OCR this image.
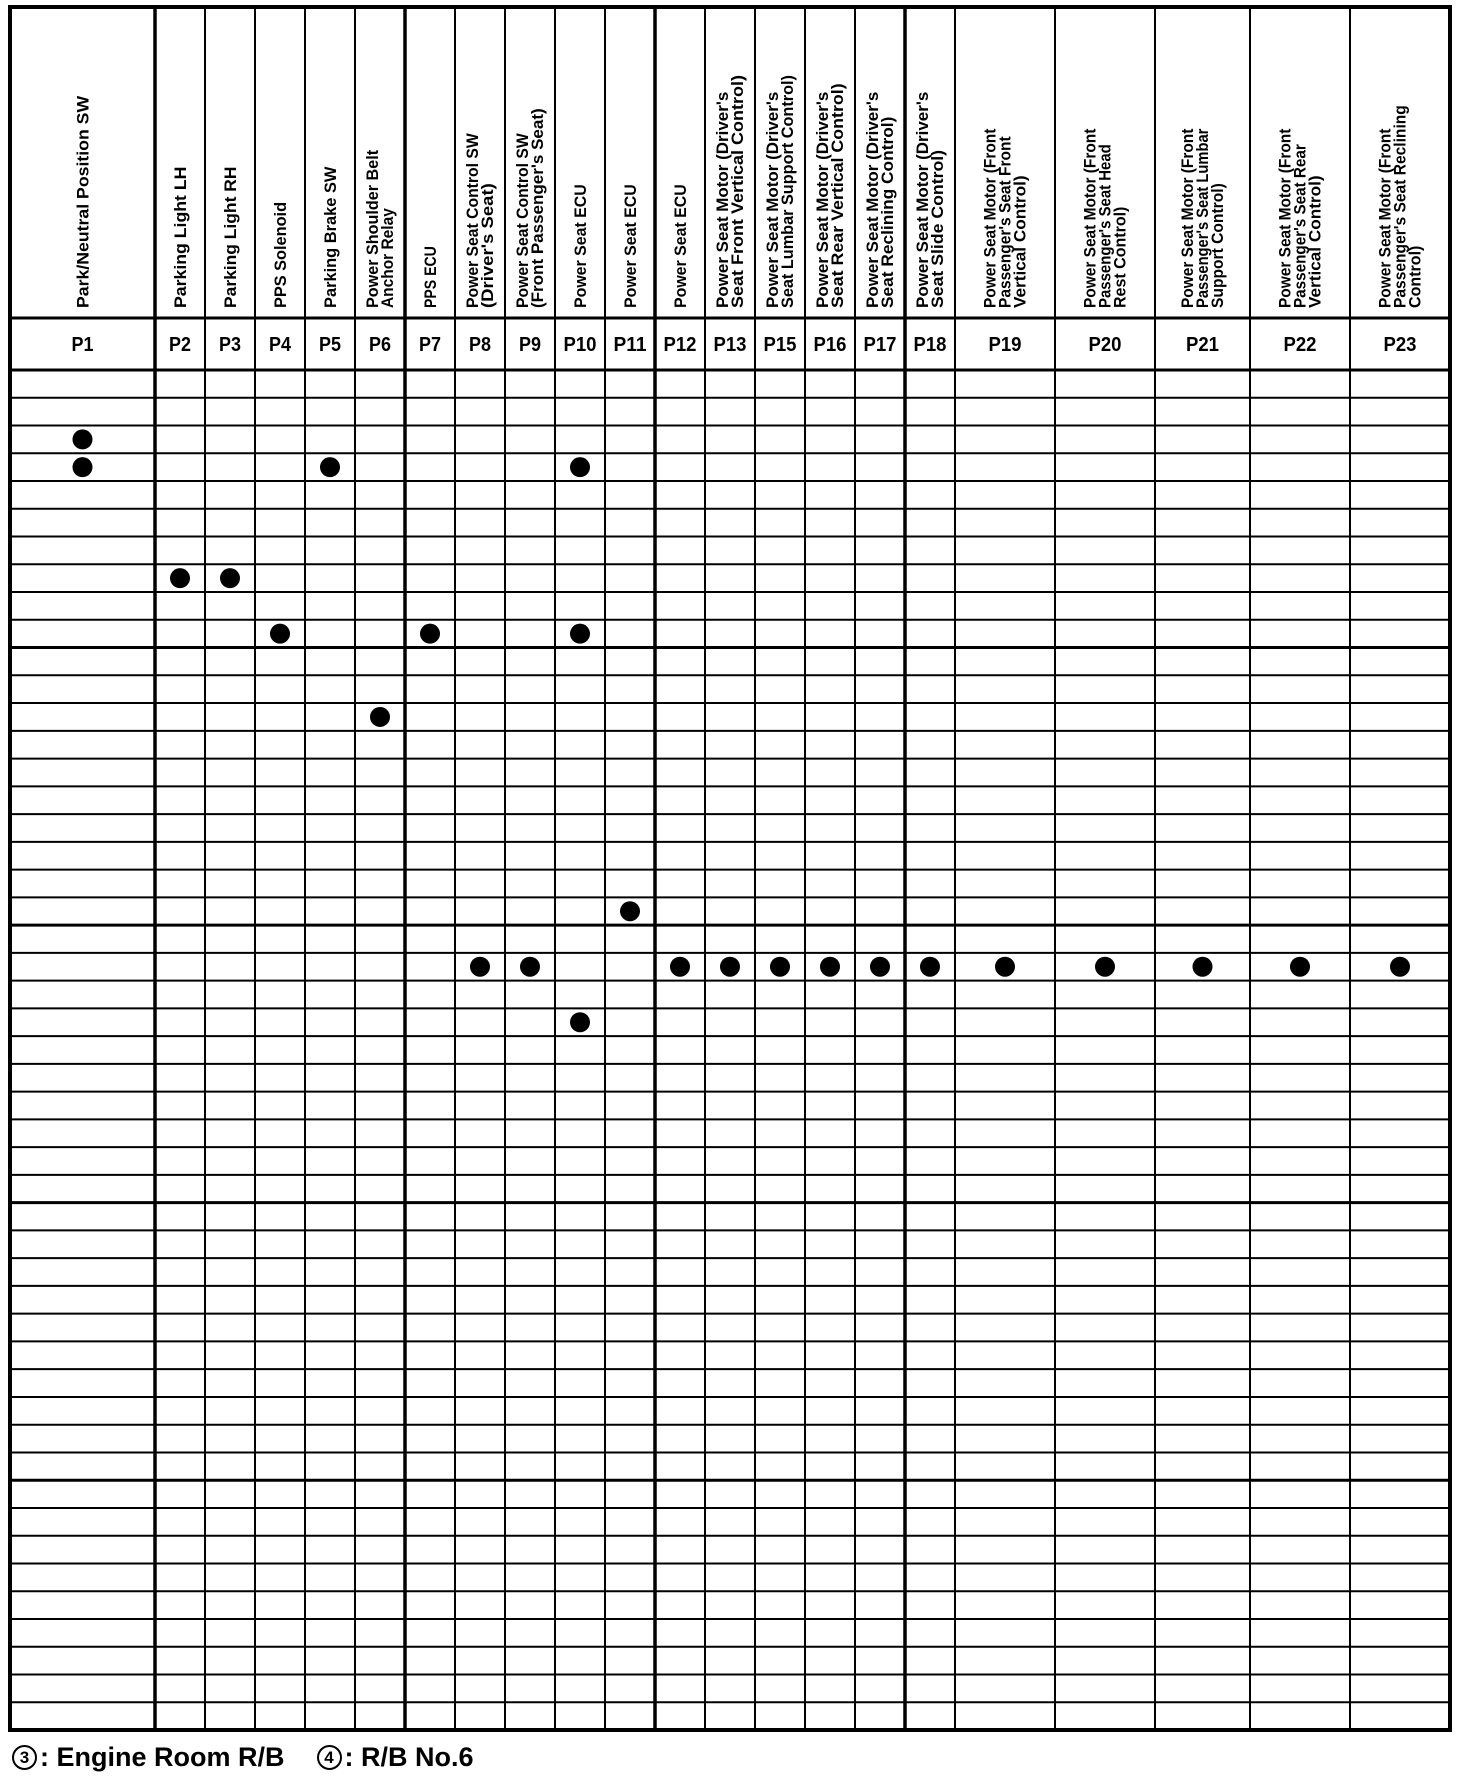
Park/Neutral Position SW
P1
Parking Light LH
P2
Parking Light RH
P3
PPS Solenoid
P4
Parking Brake SW
P5
Power Shoulder Belt
Anchor Relay
P6
PPS ECU
P7
Power Seat Control SW
(Driver's Seat)
P8
Power Seat Control SW
(Front Passenger's Seat)
P9
Power Seat ECU
P10
Power Seat ECU
P11
Power Seat ECU
P12
Power Seat Motor (Driver's
Seat Front Vertical Control)
P13
Power Seat Motor (Driver's
Seat Lumbar Support Control)
P15
Power Seat Motor (Driver's
Seat Rear Vertical Control)
P16
Power Seat Motor (Driver's
Seat Reclining Control)
P17
Power Seat Motor (Driver's
Seat Slide Control)
P18
Power Seat Motor (Front
Passenger's Seat Front
Vertical Control)
P19
Power Seat Motor (Front
Passenger's Seat Head
Rest Control)
P20
Power Seat Motor (Front
Passenger's Seat Lumbar
Support Control)
P21
Power Seat Motor (Front
Passenger's Seat Rear
Vertical Control)
P22
Power Seat Motor (Front
Passenger's Seat Reclining
Control)
P23
3 : Engine Room R/B	4 : R/B No.6
